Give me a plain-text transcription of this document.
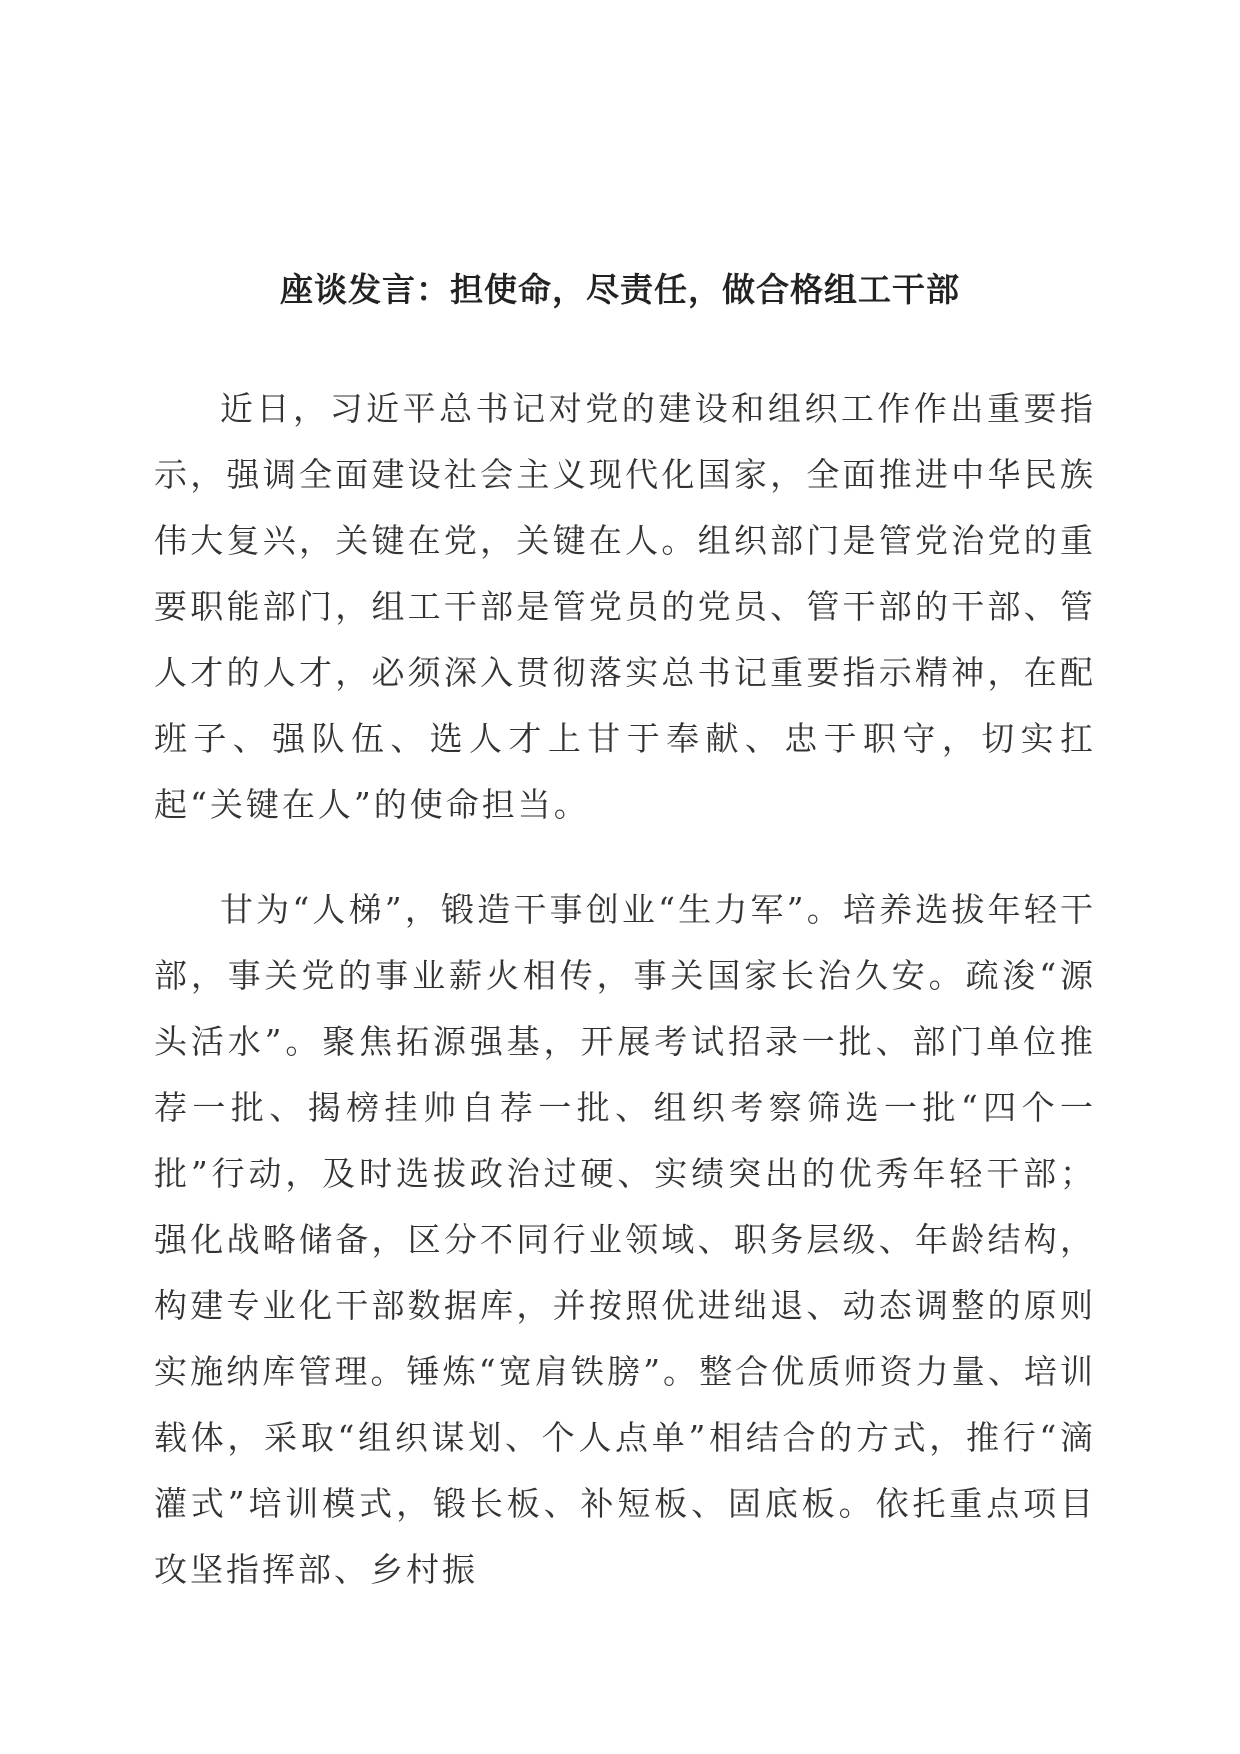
座谈发言：担使命，尽责任，做合格组工干部

近日，习近平总书记对党的建设和组织工作作出重要指示，强调全面建设社会主义现代化国家，全面推进中华民族伟大复兴，关键在党，关键在人。组织部门是管党治党的重要职能部门，组工干部是管党员的党员、管干部的干部、管人才的人才，必须深入贯彻落实总书记重要指示精神，在配班子、强队伍、选人才上甘于奉献、忠于职守，切实扛起“关键在人”的使命担当。

甘为“人梯”，锻造干事创业“生力军”。培养选拔年轻干部，事关党的事业薪火相传，事关国家长治久安。疏浚“源头活水”。聚焦拓源强基，开展考试招录一批、部门单位推荐一批、揭榜挂帅自荐一批、组织考察筛选一批“四个一批”行动，及时选拔政治过硬、实绩突出的优秀年轻干部；强化战略储备，区分不同行业领域、职务层级、年龄结构，构建专业化干部数据库，并按照优进绌退、动态调整的原则实施纳库管理。锤炼“宽肩铁膀”。整合优质师资力量、培训载体，采取“组织谋划、个人点单”相结合的方式，推行“滴灌式”培训模式，锻长板、补短板、固底板。依托重点项目攻坚指挥部、乡村振
